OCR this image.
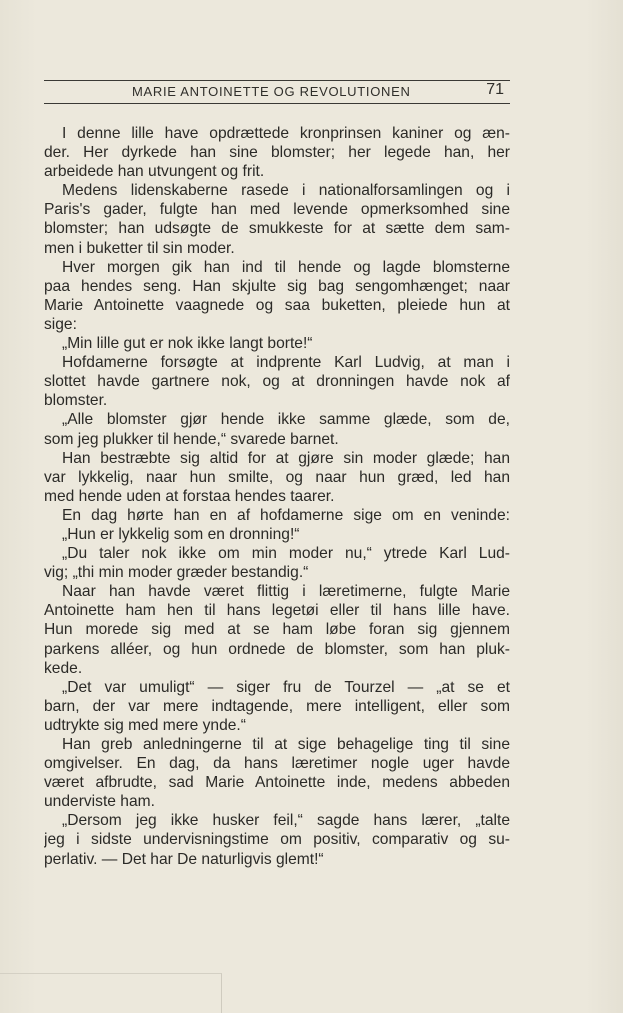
MARIE ANTOINETTE OG REVOLUTIONEN	71
I denne lille have opdrættede kronprinsen kaniner og æn-
der. Her dyrkede han sine blomster; her legede han, her
arbeidede han utvungent og frit.
Medens lidenskaberne rasede i nationalforsamlingen og i
Paris's gader, fulgte han med levende opmerksomhed sine
blomster; han udsøgte de smukkeste for at sætte dem sam-
men i buketter til sin moder.
Hver morgen gik han ind til hende og lagde blomsterne
paa hendes seng. Han skjulte sig bag sengomhænget; naar
Marie Antoinette vaagnede og saa buketten, pleiede hun at
sige:
„Min lille gut er nok ikke langt borte!“
Hofdamerne forsøgte at indprente Karl Ludvig, at man i
slottet havde gartnere nok, og at dronningen havde nok af
blomster.
„Alle blomster gjør hende ikke samme glæde, som de,
som jeg plukker til hende,“ svarede barnet.
Han bestræbte sig altid for at gjøre sin moder glæde; han
var lykkelig, naar hun smilte, og naar hun græd, led han
med hende uden at forstaa hendes taarer.
En dag hørte han en af hofdamerne sige om en veninde:
„Hun er lykkelig som en dronning!“
„Du taler nok ikke om min moder nu,“ ytrede Karl Lud-
vig; „thi min moder græder bestandig.“
Naar han havde været flittig i læretimerne, fulgte Marie
Antoinette ham hen til hans legetøi eller til hans lille have.
Hun morede sig med at se ham løbe foran sig gjennem
parkens alléer, og hun ordnede de blomster, som han pluk-
kede.
„Det var umuligt“ — siger fru de Tourzel — „at se et
barn, der var mere indtagende, mere intelligent, eller som
udtrykte sig med mere ynde.“
Han greb anledningerne til at sige behagelige ting til sine
omgivelser. En dag, da hans læretimer nogle uger havde
været afbrudte, sad Marie Antoinette inde, medens abbeden
underviste ham.
„Dersom jeg ikke husker feil,“ sagde hans lærer, „talte
jeg i sidste undervisningstime om positiv, comparativ og su-
perlativ. — Det har De naturligvis glemt!“
